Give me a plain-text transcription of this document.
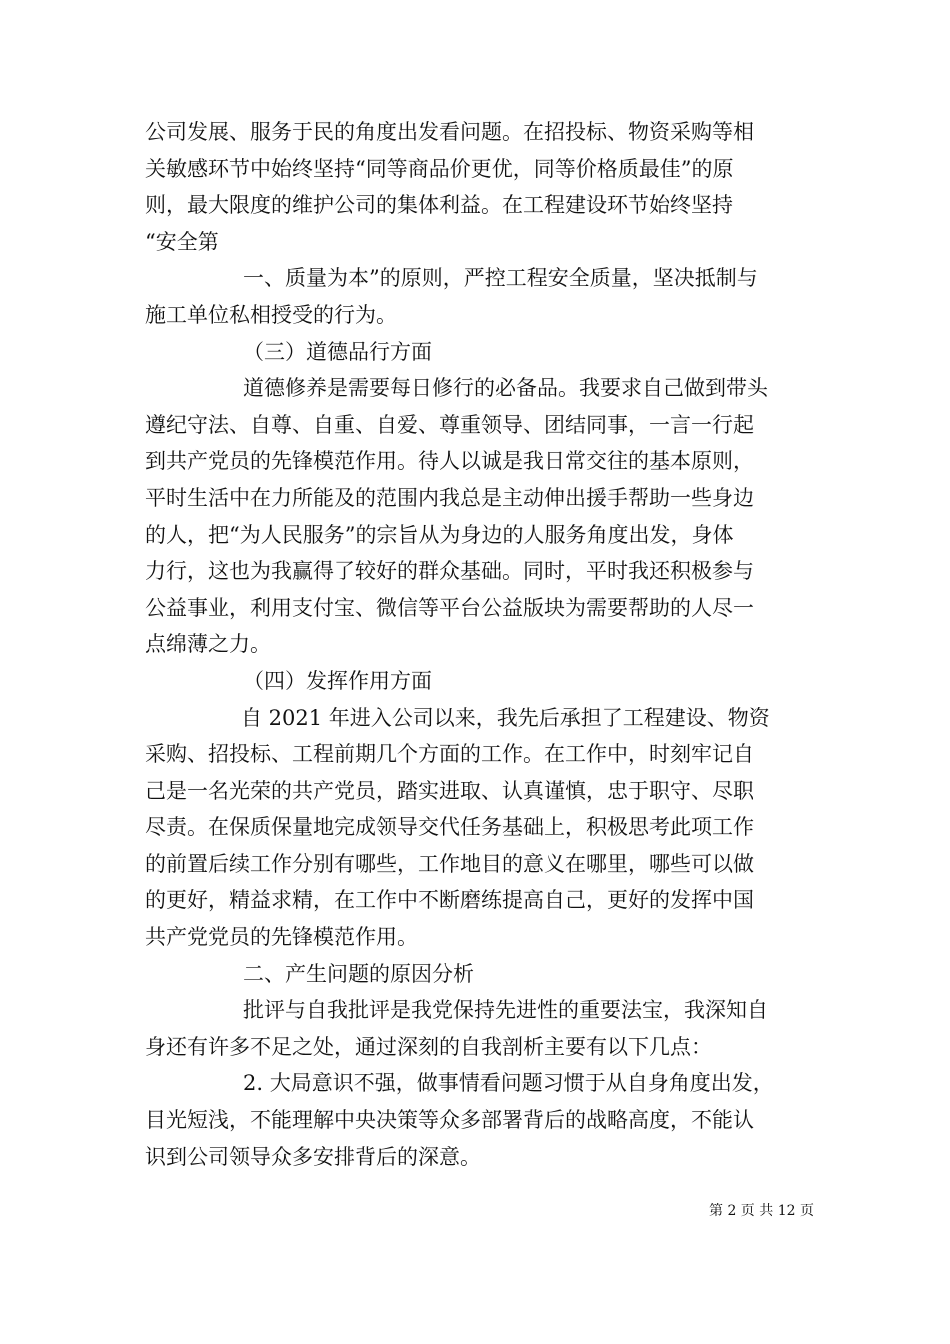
公司发展、服务于民的角度出发看问题。在招投标、物资采购等相
关敏感环节中始终坚持“同等商品价更优，同等价格质最佳”的原
则，最大限度的维护公司的集体利益。在工程建设环节始终坚持
“安全第
一、质量为本”的原则，严控工程安全质量，坚决抵制与
施工单位私相授受的行为。
（三）道德品行方面
道德修养是需要每日修行的必备品。我要求自己做到带头
遵纪守法、自尊、自重、自爱、尊重领导、团结同事，一言一行起
到共产党员的先锋模范作用。待人以诚是我日常交往的基本原则，
平时生活中在力所能及的范围内我总是主动伸出援手帮助一些身边
的人，把“为人民服务”的宗旨从为身边的人服务角度出发，身体
力行，这也为我赢得了较好的群众基础。同时，平时我还积极参与
公益事业，利用支付宝、微信等平台公益版块为需要帮助的人尽一
点绵薄之力。
（四）发挥作用方面
自 2021 年进入公司以来，我先后承担了工程建设、物资
采购、招投标、工程前期几个方面的工作。在工作中，时刻牢记自
己是一名光荣的共产党员，踏实进取、认真谨慎，忠于职守、尽职
尽责。在保质保量地完成领导交代任务基础上，积极思考此项工作
的前置后续工作分别有哪些，工作地目的意义在哪里，哪些可以做
的更好，精益求精，在工作中不断磨练提高自己，更好的发挥中国
共产党党员的先锋模范作用。
二、产生问题的原因分析
批评与自我批评是我党保持先进性的重要法宝，我深知自
身还有许多不足之处，通过深刻的自我剖析主要有以下几点：
2. 大局意识不强，做事情看问题习惯于从自身角度出发，
目光短浅，不能理解中央决策等众多部署背后的战略高度，不能认
识到公司领导众多安排背后的深意。
第 2 页 共 12 页
